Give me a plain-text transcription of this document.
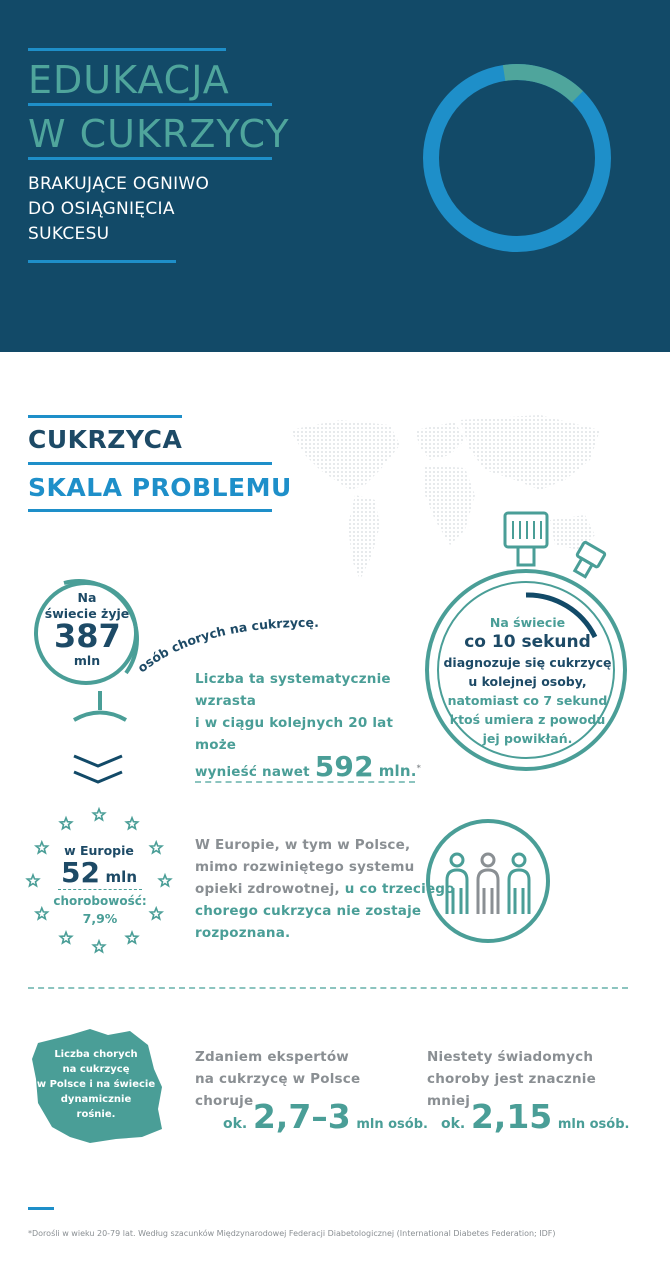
EDUKACJA
W CUKRZYCY
BRAKUJĄCE OGNIWO
DO OSIĄGNIĘCIA
SUKCESU
CUKRZYCA
SKALA PROBLEMU
Na
świecie żyje
387
mln	osób chorych na cukrzycę.
Liczba ta systematycznie wzrasta
i w ciągu kolejnych 20 lat może
wynieść nawet 592 mln.*
Na świecie
co 10 sekund
diagnozuje się cukrzycę
u kolejnej osoby,
natomiast co 7 sekund
ktoś umiera z powodu
jej powikłań.
w Europie
52 mln
chorobowość:
7,9%
W Europie, w tym w Polsce,
mimo rozwiniętego systemu
opieki zdrowotnej, u co trzeciego
chorego cukrzyca nie zostaje
rozpoznana.
Liczba chorych
na cukrzycę
w Polsce i na świecie
dynamicznie
rośnie.
Zdaniem ekspertów
na cukrzycę w Polsce
choruje
ok. 2,7–3 mln osób.
Niestety świadomych
choroby jest znacznie
mniej
ok. 2,15 mln osób.
*Dorośli w wieku 20-79 lat. Według szacunków Międzynarodowej Federacji Diabetologicznej (International Diabetes Federation; IDF)
